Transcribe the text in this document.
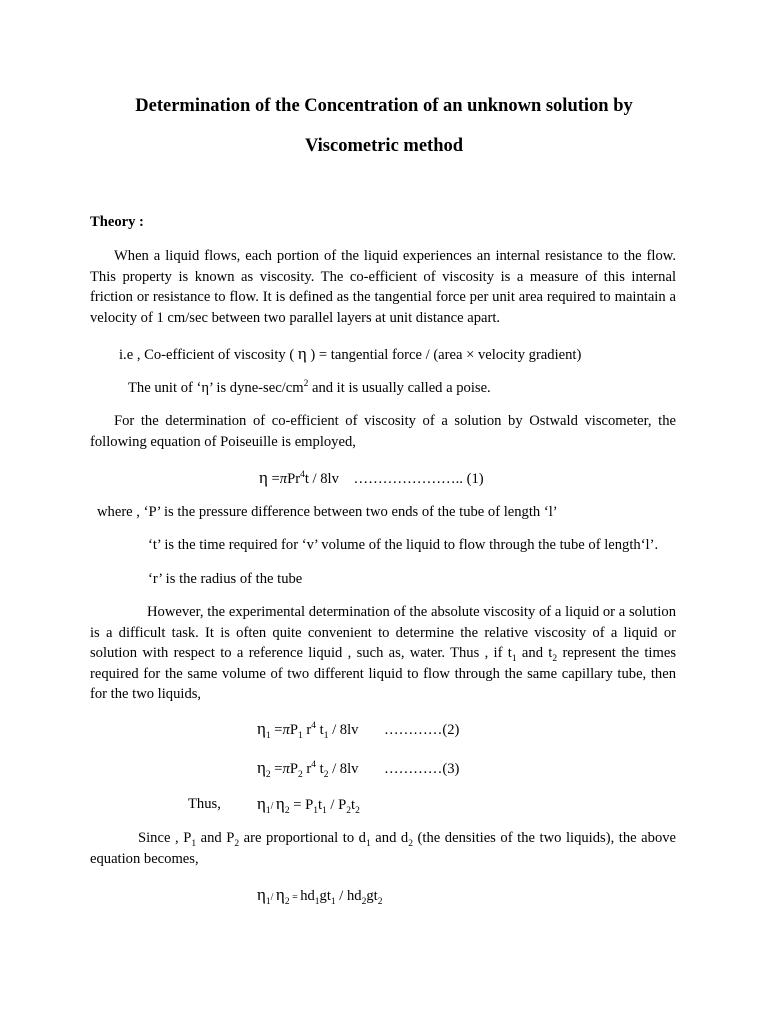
Determination of the Concentration of an unknown solution by

Viscometric method

Theory :

When a liquid flows, each portion of the liquid experiences an internal resistance to the flow. This property is known as viscosity. The co-efficient of viscosity is a measure of this internal friction or resistance to flow. It is defined as the tangential force per unit area required to maintain a velocity of 1 cm/sec between two parallel layers at unit distance apart.

i.e , Co-efficient of viscosity ( η ) = tangential force / (area × velocity gradient)

The unit of ‘η’ is dyne-$\sec/cm^2$ and it is usually called a poise.

For the determination of co-efficient of viscosity of a solution by Ostwald viscometer, the following equation of Poiseuille is employed,

η =πPr$^4$t / 8lv ………………….. (1)

where , ‘P’ is the pressure difference between two ends of the tube of length ‘l’

‘t’ is the time required for ‘v’ volume of the liquid to flow through the tube of length‘l’.

‘r’ is the radius of the tube

However, the experimental determination of the absolute viscosity of a liquid or a solution is a difficult task. It is often quite convenient to determine the relative viscosity of a liquid or solution with respect to a reference liquid , such as, water. Thus , if $t_1$ and $t_2$ represent the times required for the same volume of two different liquid to flow through the same capillary tube, then for the two liquids,

$\eta_1 =\pi P_1$ $r^4$ $t_1 / 8lv$ …………(2)

$\eta_2 =\pi P_2$ $r^4$ $t_2 / 8lv$ …………(3)

Thus, $\eta_1/$ $\eta_2 = P_1t_1 / P_2t_2$

Since , $P_1$ and $P_2$ are proportional to $d_1$ and $d_2$ (the densities of the two liquids), the above equation becomes,

$\eta_1/$ $\eta_2 = hd_1gt_1 / hd_2gt_2$
